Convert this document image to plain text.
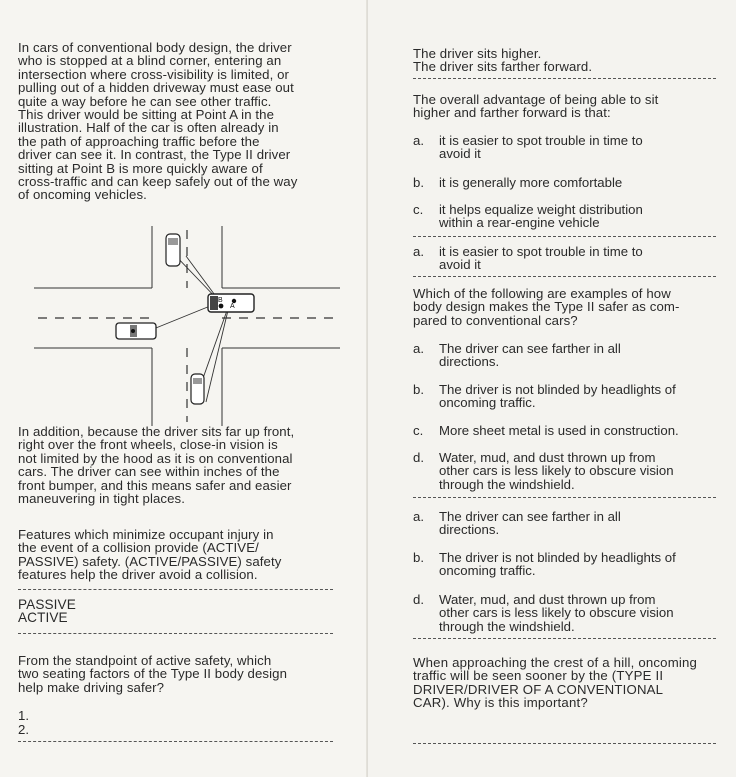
In cars of conventional body design, the driver
who is stopped at a blind corner, entering an
intersection where cross-visibility is limited, or
pulling out of a hidden driveway must ease out
quite a way before he can see other traffic.
This driver would be sitting at Point A in the
illustration. Half of the car is often already in
the path of approaching traffic before the
driver can see it. In contrast, the Type II driver
sitting at Point B is more quickly aware of
cross-traffic and can keep safely out of the way
of oncoming vehicles.

B
A

In addition, because the driver sits far up front,
right over the front wheels, close-in vision is
not limited by the hood as it is on conventional
cars. The driver can see within inches of the
front bumper, and this means safer and easier
maneuvering in tight places.

Features which minimize occupant injury in
the event of a collision provide (ACTIVE/
PASSIVE) safety. (ACTIVE/PASSIVE) safety
features help the driver avoid a collision.

PASSIVE
ACTIVE

From the standpoint of active safety, which
two seating factors of the Type II body design
help make driving safer?

1.
2.
The driver sits higher.
The driver sits farther forward.

The overall advantage of being able to sit
higher and farther forward is that:

a. it is easier to spot trouble in time to
avoid it

b. it is generally more comfortable

c. it helps equalize weight distribution
within a rear-engine vehicle

a. it is easier to spot trouble in time to
avoid it

Which of the following are examples of how
body design makes the Type II safer as com-
pared to conventional cars?

a. The driver can see farther in all
directions.

b. The driver is not blinded by headlights of
oncoming traffic.

c. More sheet metal is used in construction.

d. Water, mud, and dust thrown up from
other cars is less likely to obscure vision
through the windshield.

a. The driver can see farther in all
directions.

b. The driver is not blinded by headlights of
oncoming traffic.

d. Water, mud, and dust thrown up from
other cars is less likely to obscure vision
through the windshield.

When approaching the crest of a hill, oncoming
traffic will be seen sooner by the (TYPE II
DRIVER/DRIVER OF A CONVENTIONAL
CAR). Why is this important?
